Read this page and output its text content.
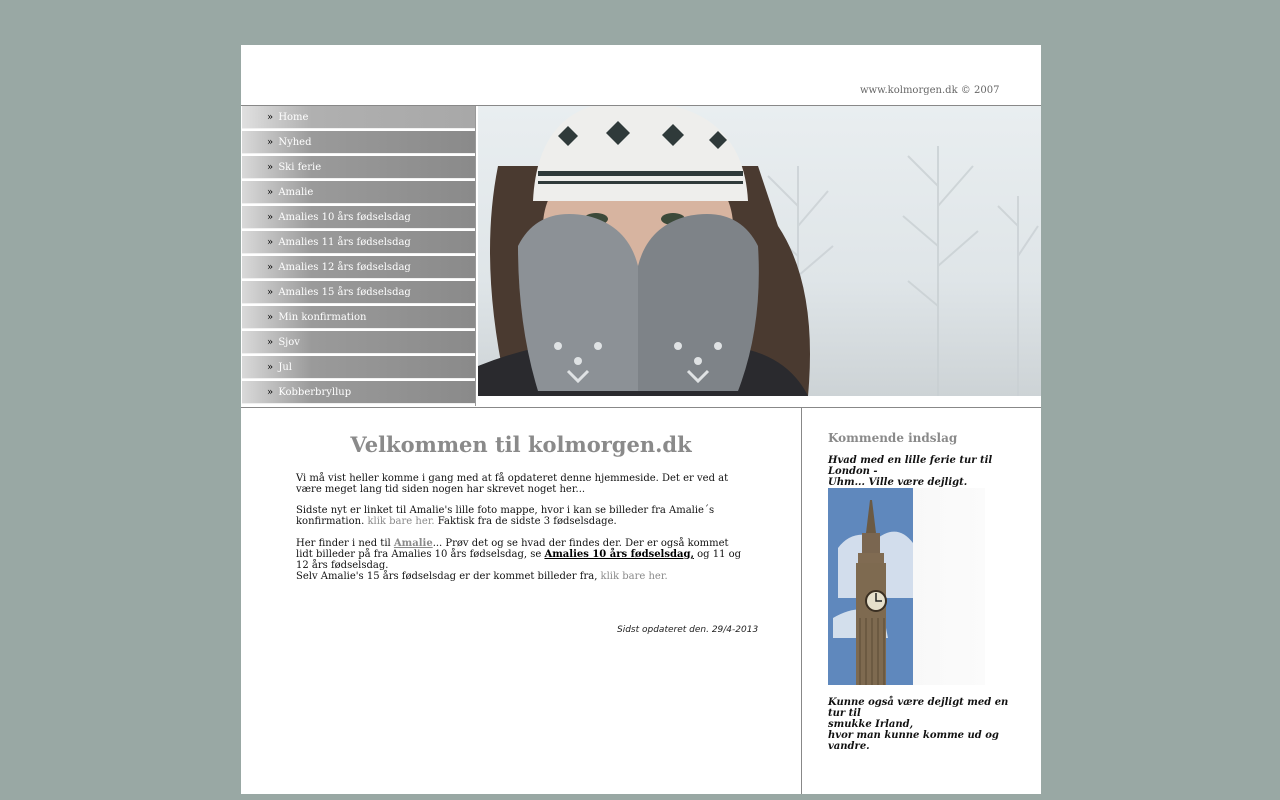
www.kolmorgen.dk © 2007
» Home
» Nyhed
» Ski ferie
» Amalie
» Amalies 10 års fødselsdag
» Amalies 11 års fødselsdag
» Amalies 12 års fødselsdag
» Amalies 15 års fødselsdag
» Min konfirmation
» Sjov
» Jul
» Kobberbryllup
Velkommen til kolmorgen.dk

Vi må vist heller komme i gang med at få opdateret denne hjemmeside. Det er ved at være meget lang tid siden nogen har skrevet noget her...

Sidste nyt er linket til Amalie's lille foto mappe, hvor i kan se billeder fra Amalie´s konfirmation. klik bare her. Faktisk fra de sidste 3 fødselsdage.

Her finder i ned til Amalie... Prøv det og se hvad der findes der. Der er også kommet lidt billeder på fra Amalies 10 års fødselsdag, se Amalies 10 års fødselsdag, og 11 og 12 års fødselsdag.
Selv Amalie's 15 års fødselsdag er der kommet billeder fra, klik bare her.

Sidst opdateret den. 29/4-2013
Kommende indslag

Hvad med en lille ferie tur til London -
Uhm... Ville være dejligt.

Kunne også være dejligt med en tur til
smukke Irland,
hvor man kunne komme ud og vandre.
